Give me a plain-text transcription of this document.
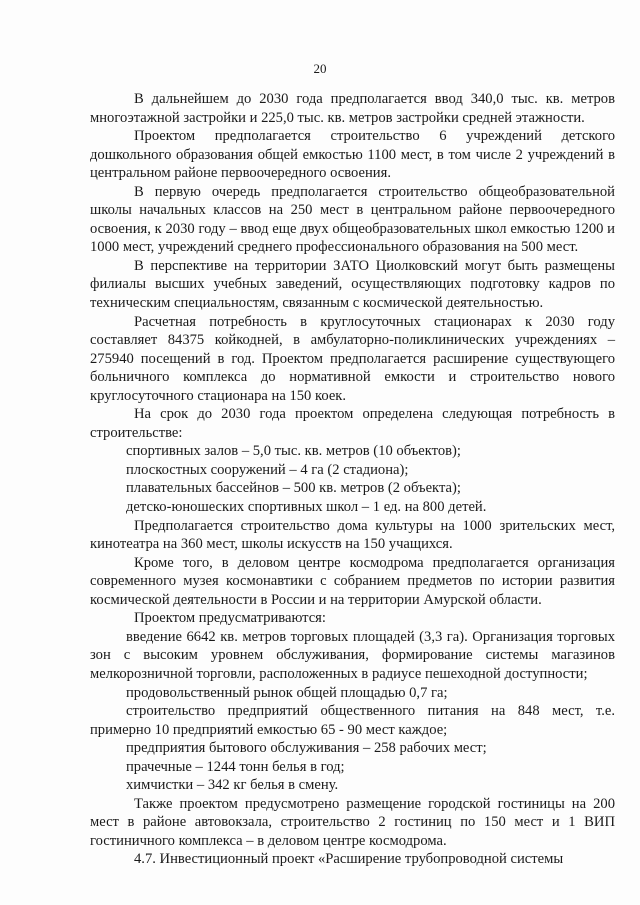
20

В дальнейшем до 2030 года предполагается ввод 340,0 тыс. кв. метров многоэтажной застройки и 225,0 тыс. кв. метров застройки средней этажности.

Проектом предполагается строительство 6 учреждений детского дошкольного образования общей емкостью 1100 мест, в том числе 2 учреждений в центральном районе первоочередного освоения.

В первую очередь предполагается строительство общеобразовательной школы начальных классов на 250 мест в центральном районе первоочередного освоения, к 2030 году – ввод еще двух общеобразовательных школ емкостью 1200 и 1000 мест, учреждений среднего профессионального образования на 500 мест.

В перспективе на территории ЗАТО Циолковский могут быть размещены филиалы высших учебных заведений, осуществляющих подготовку кадров по техническим специальностям, связанным с космической деятельностью.

Расчетная потребность в круглосуточных стационарах к 2030 году составляет 84375 койкодней, в амбулаторно-поликлинических учреждениях – 275940 посещений в год. Проектом предполагается расширение существующего больничного комплекса до нормативной емкости и строительство нового круглосуточного стационара на 150 коек.

На срок до 2030 года проектом определена следующая потребность в строительстве:

спортивных залов – 5,0 тыс. кв. метров (10 объектов);

плоскостных сооружений – 4 га (2 стадиона);

плавательных бассейнов – 500 кв. метров (2 объекта);

детско-юношеских спортивных школ – 1 ед. на 800 детей.

Предполагается строительство дома культуры на 1000 зрительских мест, кинотеатра на 360 мест, школы искусств на 150 учащихся.

Кроме того, в деловом центре космодрома предполагается организация современного музея космонавтики с собранием предметов по истории развития космической деятельности в России и на территории Амурской области.

Проектом предусматриваются:

введение 6642 кв. метров торговых площадей (3,3 га). Организация торговых зон с высоким уровнем обслуживания, формирование системы магазинов мелкорозничной торговли, расположенных в радиусе пешеходной доступности;

продовольственный рынок общей площадью 0,7 га;

строительство предприятий общественного питания на 848 мест, т.е. примерно 10 предприятий емкостью 65 - 90 мест каждое;

предприятия бытового обслуживания – 258 рабочих мест;

прачечные – 1244 тонн белья в год;

химчистки – 342 кг белья в смену.

Также проектом предусмотрено размещение городской гостиницы на 200 мест в районе автовокзала, строительство 2 гостиниц по 150 мест и 1 ВИП гостиничного комплекса – в деловом центре космодрома.

4.7. Инвестиционный проект «Расширение трубопроводной системы
